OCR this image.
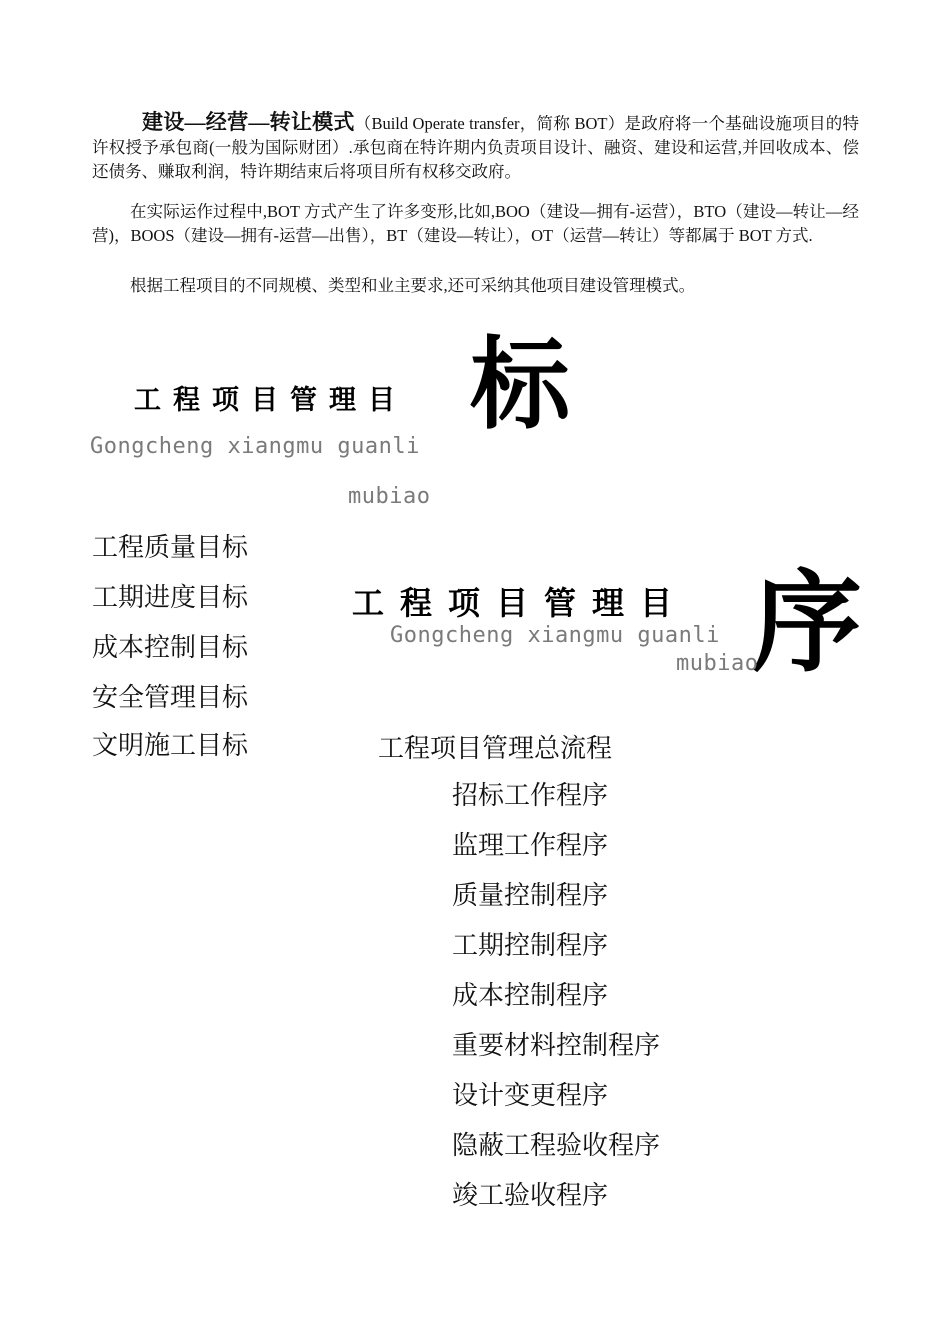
建设—经营—转让模式（Build Operate transfer，简称 BOT）是政府将一个基础设施项目的特许权授予承包商(一般为国际财团）.承包商在特许期内负责项目设计、融资、建设和运营,并回收成本、偿还债务、赚取利润，特许期结束后将项目所有权移交政府。
在实际运作过程中,BOT 方式产生了许多变形,比如,BOO（建设—拥有-运营），BTO（建设—转让—经营)，BOOS（建设—拥有-运营—出售），BT（建设—转让），OT（运营—转让）等都属于 BOT 方式.
根据工程项目的不同规模、类型和业主要求,还可采纳其他项目建设管理模式。
工程项目管理目 标
Gongcheng xiangmu guanli
mubiao
工程质量目标
工期进度目标
成本控制目标
安全管理目标
文明施工目标
工程项目管理目 序
Gongcheng xiangmu guanli
mubiao
工程项目管理总流程
招标工作程序
监理工作程序
质量控制程序
工期控制程序
成本控制程序
重要材料控制程序
设计变更程序
隐蔽工程验收程序
竣工验收程序
